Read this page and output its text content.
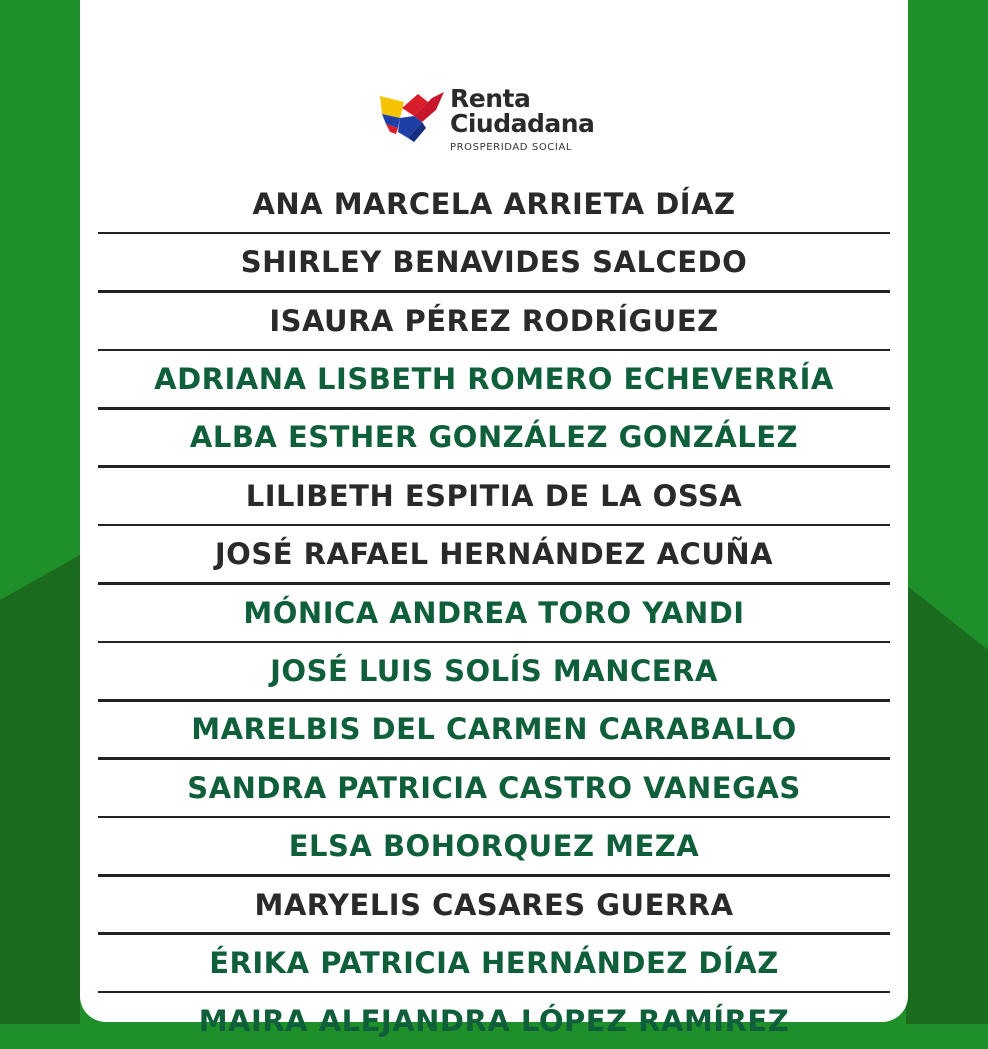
Renta
Ciudadana
PROSPERIDAD SOCIAL
ANA MARCELA ARRIETA DÍAZ
SHIRLEY BENAVIDES SALCEDO
ISAURA PÉREZ RODRÍGUEZ
ADRIANA LISBETH ROMERO ECHEVERRÍA
ALBA ESTHER GONZÁLEZ GONZÁLEZ
LILIBETH ESPITIA DE LA OSSA
JOSÉ RAFAEL HERNÁNDEZ ACUÑA
MÓNICA ANDREA TORO YANDI
JOSÉ LUIS SOLÍS MANCERA
MARELBIS DEL CARMEN CARABALLO
SANDRA PATRICIA CASTRO VANEGAS
ELSA BOHORQUEZ MEZA
MARYELIS CASARES GUERRA
ÉRIKA PATRICIA HERNÁNDEZ DÍAZ
MAIRA ALEJANDRA LÓPEZ RAMÍREZ
